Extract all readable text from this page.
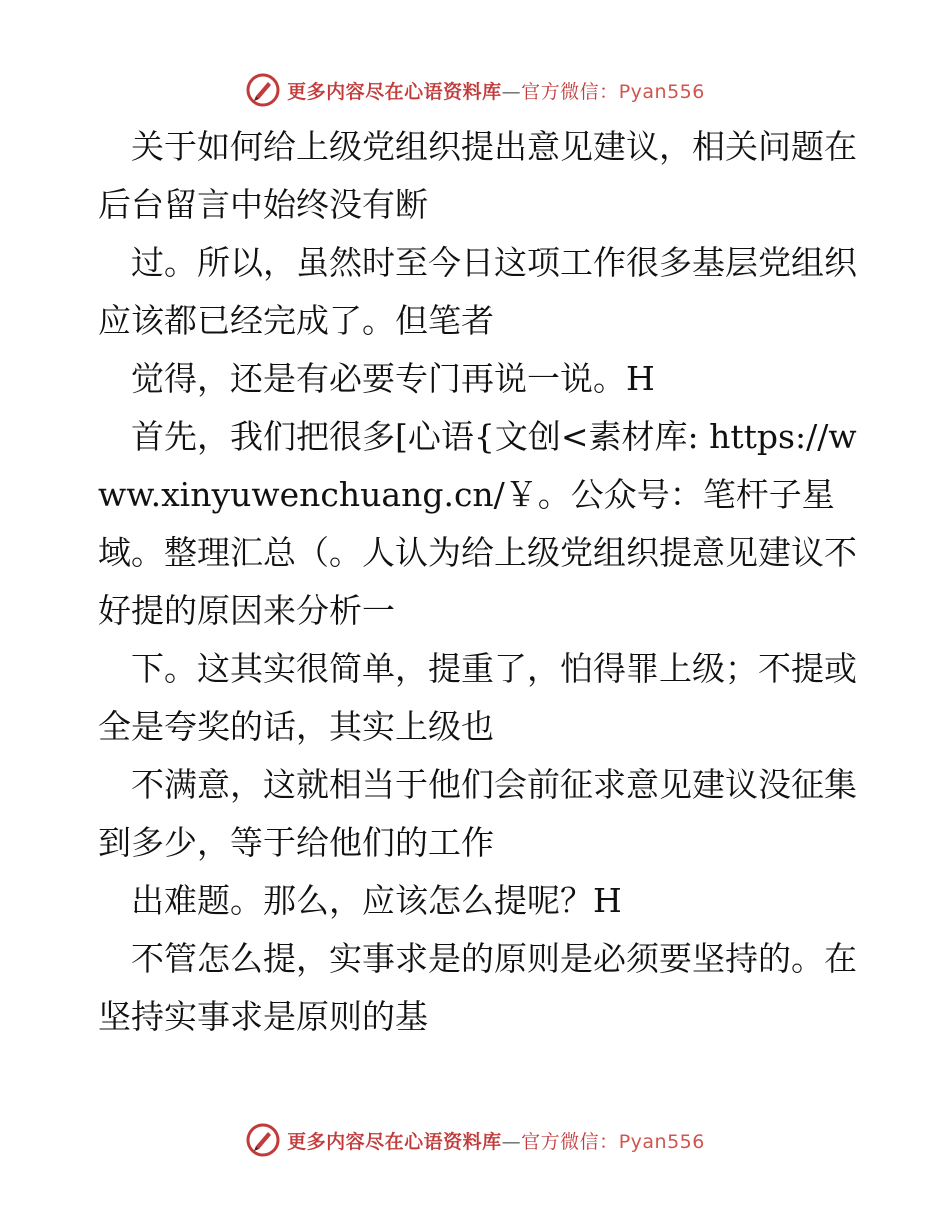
更多内容尽在心语资料库—官方微信：Pyan556

　关于如何给上级党组织提出意见建议，相关问题在后台留言中始终没有断

　过。所以，虽然时至今日这项工作很多基层党组织应该都已经完成了。但笔者

　觉得，还是有必要专门再说一说。H

　首先，我们把很多[心语{文创<素材库: https://www.xinyuwenchuang.cn/￥。公众号：笔杆子星域。整理汇总（。人认为给上级党组织提意见建议不好提的原因来分析一

　下。这其实很简单，提重了，怕得罪上级；不提或全是夸奖的话，其实上级也

　不满意，这就相当于他们会前征求意见建议没征集到多少，等于给他们的工作

　出难题。那么，应该怎么提呢？H

　不管怎么提，实事求是的原则是必须要坚持的。在坚持实事求是原则的基

更多内容尽在心语资料库—官方微信：Pyan556
